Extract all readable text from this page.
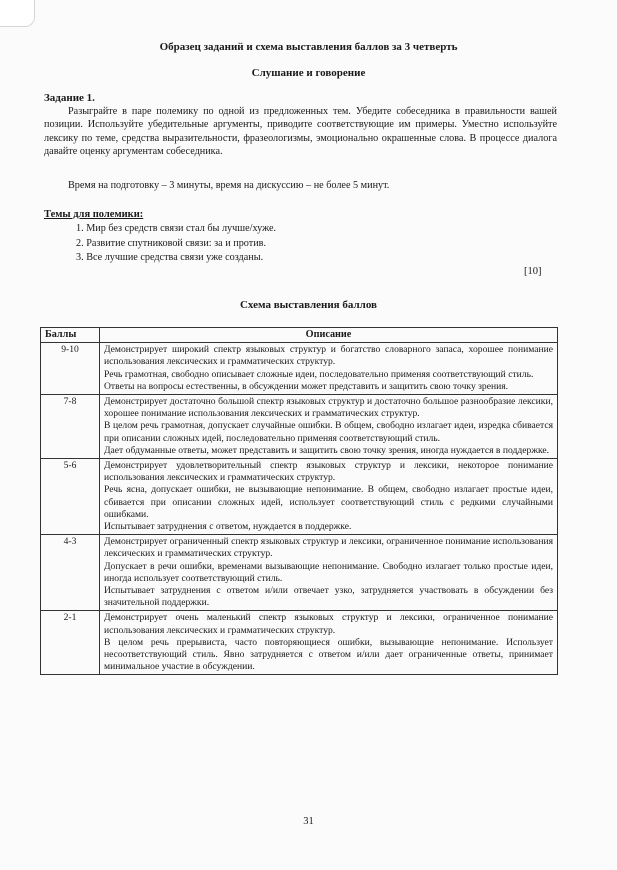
Образец заданий и схема выставления баллов за 3 четверть
Слушание и говорение
Задание 1.
Разыграйте в паре полемику по одной из предложенных тем. Убедите собеседника в правильности вашей позиции. Используйте убедительные аргументы, приводите соответствующие им примеры. Уместно используйте лексику по теме, средства выразительности, фразеологизмы, эмоционально окрашенные слова. В процессе диалога давайте оценку аргументам собеседника.
Время на подготовку – 3 минуты, время на дискуссию – не более 5 минут.
Темы для полемики:
1. Мир без средств связи стал бы лучше/хуже.
2. Развитие спутниковой связи: за и против.
3. Все лучшие средства связи уже созданы.
[10]
Схема выставления баллов
Баллы	Описание
9-10	Демонстрирует широкий спектр языковых структур и богатство словарного запаса, хорошее понимание использования лексических и грамматических структур.

Речь грамотная, свободно описывает сложные идеи, последовательно применяя соответствующий стиль.

Ответы на вопросы естественны, в обсуждении может представить и защитить свою точку зрения.

7-8	Демонстрирует достаточно большой спектр языковых структур и достаточно большое разнообразие лексики, хорошее понимание использования лексических и грамматических структур.

В целом речь грамотная, допускает случайные ошибки. В общем, свободно излагает идеи, изредка сбивается при описании сложных идей, последовательно применяя соответствующий стиль.

Дает обдуманные ответы, может представить и защитить свою точку зрения, иногда нуждается в поддержке.

5-6	Демонстрирует удовлетворительный спектр языковых структур и лексики, некоторое понимание использования лексических и грамматических структур.

Речь ясна, допускает ошибки, не вызывающие непонимание. В общем, свободно излагает простые идеи, сбивается при описании сложных идей, использует соответствующий стиль с редкими случайными ошибками.

Испытывает затруднения с ответом, нуждается в поддержке.

4-3	Демонстрирует ограниченный спектр языковых структур и лексики, ограниченное понимание использования лексических и грамматических структур.

Допускает в речи ошибки, временами вызывающие непонимание. Свободно излагает только простые идеи, иногда использует соответствующий стиль.

Испытывает затруднения с ответом и/или отвечает узко, затрудняется участвовать в обсуждении без значительной поддержки.

2-1	Демонстрирует очень маленький спектр языковых структур и лексики, ограниченное понимание использования лексических и грамматических структур.

В целом речь прерывиста, часто повторяющиеся ошибки, вызывающие непонимание. Использует несоответствующий стиль. Явно затрудняется с ответом и/или дает ограниченные ответы, принимает минимальное участие в обсуждении.

31
